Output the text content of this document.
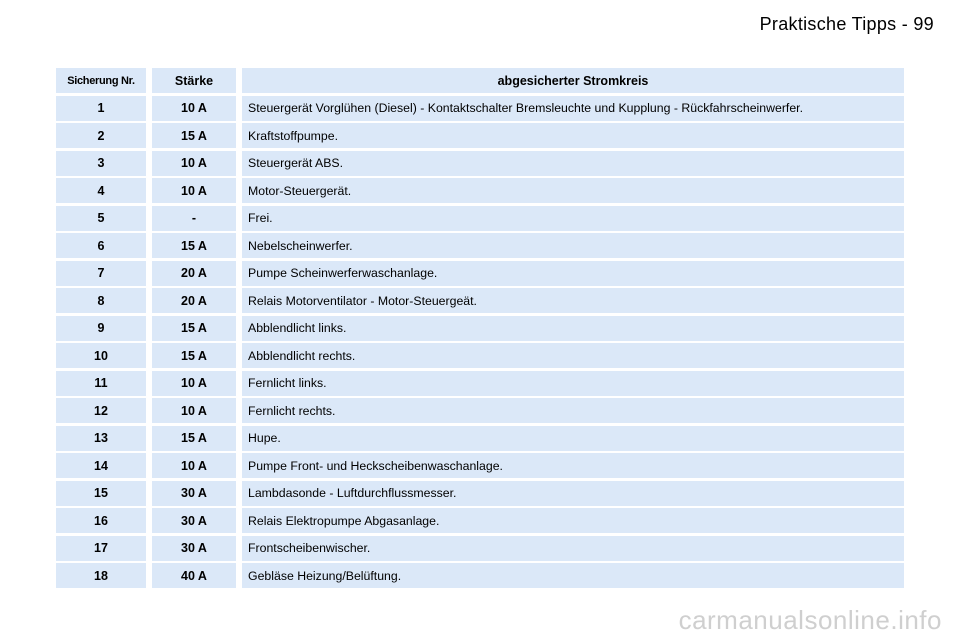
Praktische Tipps - 99
Sicherung Nr.	Stärke	abgesicherter Stromkreis
1	10 A	Steuergerät Vorglühen (Diesel) - Kontaktschalter Bremsleuchte und Kupplung - Rückfahrscheinwerfer.
2	15 A	Kraftstoffpumpe.
3	10 A	Steuergerät ABS.
4	10 A	Motor-Steuergerät.
5	-	Frei.
6	15 A	Nebelscheinwerfer.
7	20 A	Pumpe Scheinwerferwaschanlage.
8	20 A	Relais Motorventilator - Motor-Steuergeät.
9	15 A	Abblendlicht links.
10	15 A	Abblendlicht rechts.
11	10 A	Fernlicht links.
12	10 A	Fernlicht rechts.
13	15 A	Hupe.
14	10 A	Pumpe Front- und Heckscheibenwaschanlage.
15	30 A	Lambdasonde - Luftdurchflussmesser.
16	30 A	Relais Elektropumpe Abgasanlage.
17	30 A	Frontscheibenwischer.
18	40 A	Gebläse Heizung/Belüftung.
carmanualsonline.info
